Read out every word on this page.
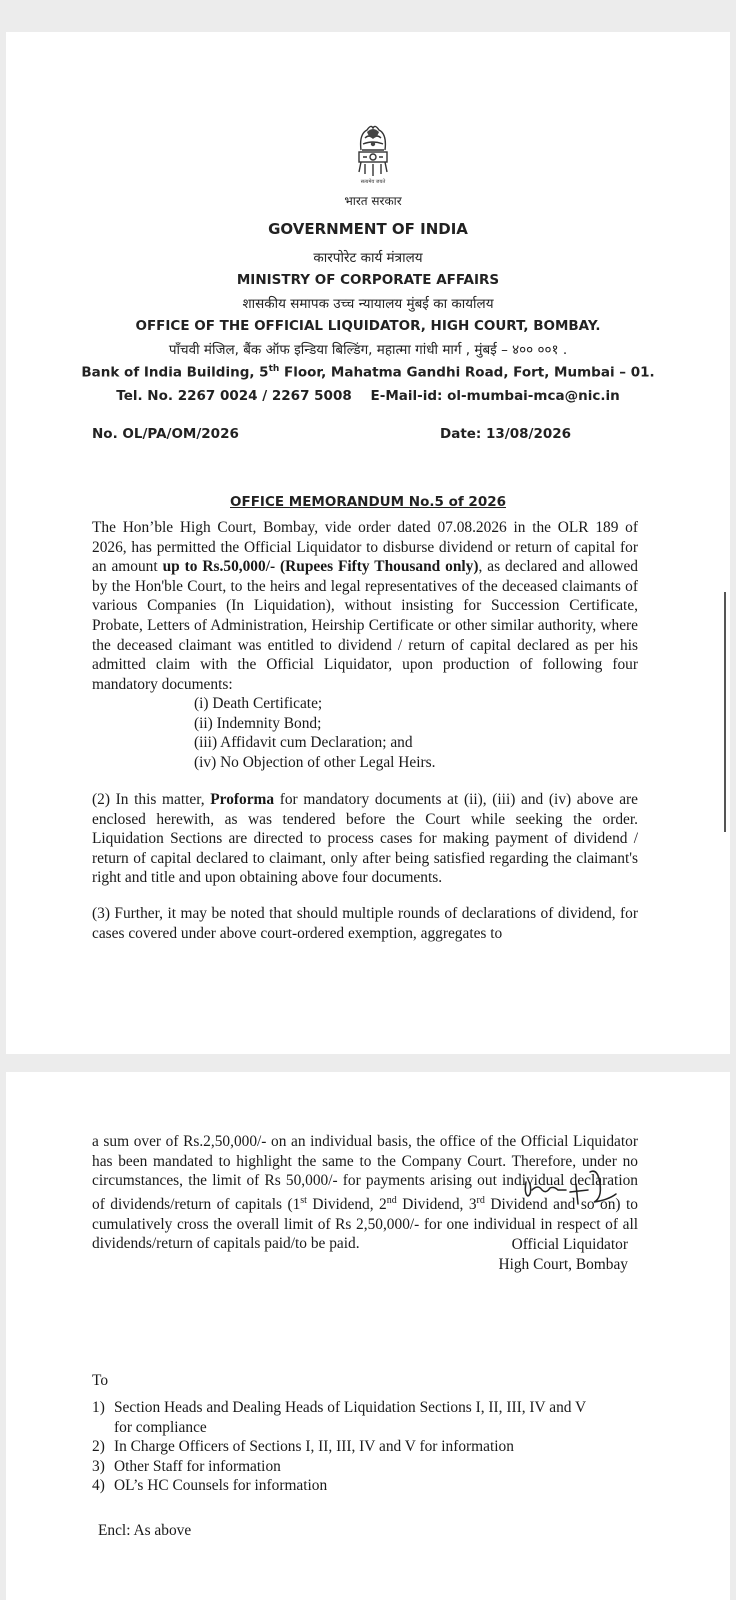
सत्यमेव जयते
भारत सरकार
GOVERNMENT OF INDIA
कारपोरेट कार्य मंत्रालय
MINISTRY OF CORPORATE AFFAIRS
शासकीय समापक उच्च न्यायालय मुंबई का कार्यालय
OFFICE OF THE OFFICIAL LIQUIDATOR, HIGH COURT, BOMBAY.
पाँचवी मंजिल, बैंक ऑफ इन्डिया बिल्डिंग, महात्मा गांधी मार्ग , मुंबई – ४०० ००१ .
Bank of India Building, 5th Floor, Mahatma Gandhi Road, Fort, Mumbai – 01.
Tel. No. 2267 0024 / 2267 5008    E-Mail-id: ol-mumbai-mca@nic.in
No. OL/PA/OM/2026	Date: 13/08/2026
OFFICE MEMORANDUM No.5 of 2026
The Hon’ble High Court, Bombay, vide order dated 07.08.2026 in the OLR 189 of 2026, has permitted the Official Liquidator to disburse dividend or return of capital for an amount up to Rs.50,000/- (Rupees Fifty Thousand only), as declared and allowed by the Hon'ble Court, to the heirs and legal representatives of the deceased claimants of various Companies (In Liquidation), without insisting for Succession Certificate, Probate, Letters of Administration, Heirship Certificate or other similar authority, where the deceased claimant was entitled to dividend / return of capital declared as per his admitted claim with the Official Liquidator, upon production of following four mandatory documents:
(i) Death Certificate;
(ii) Indemnity Bond;
(iii) Affidavit cum Declaration; and
(iv) No Objection of other Legal Heirs.
(2) In this matter, Proforma for mandatory documents at (ii), (iii) and (iv) above are enclosed herewith, as was tendered before the Court while seeking the order. Liquidation Sections are directed to process cases for making payment of dividend / return of capital declared to claimant, only after being satisfied regarding the claimant's right and title and upon obtaining above four documents.
(3) Further, it may be noted that should multiple rounds of declarations of dividend, for cases covered under above court-ordered exemption, aggregates to
a sum over of Rs.2,50,000/- on an individual basis, the office of the Official Liquidator has been mandated to highlight the same to the Company Court. Therefore, under no circumstances, the limit of Rs 50,000/- for payments arising out individual declaration of dividends/return of capitals (1st Dividend, 2nd Dividend, 3rd Dividend and so on) to cumulatively cross the overall limit of Rs 2,50,000/- for one individual in respect of all dividends/return of capitals paid/to be paid.	Official Liquidator
High Court, Bombay
To
1) Section Heads and Dealing Heads of Liquidation Sections I, II, III, IV and V
for compliance
2) In Charge Officers of Sections I, II, III, IV and V for information
3) Other Staff for information
4) OL’s HC Counsels for information
Encl: As above
